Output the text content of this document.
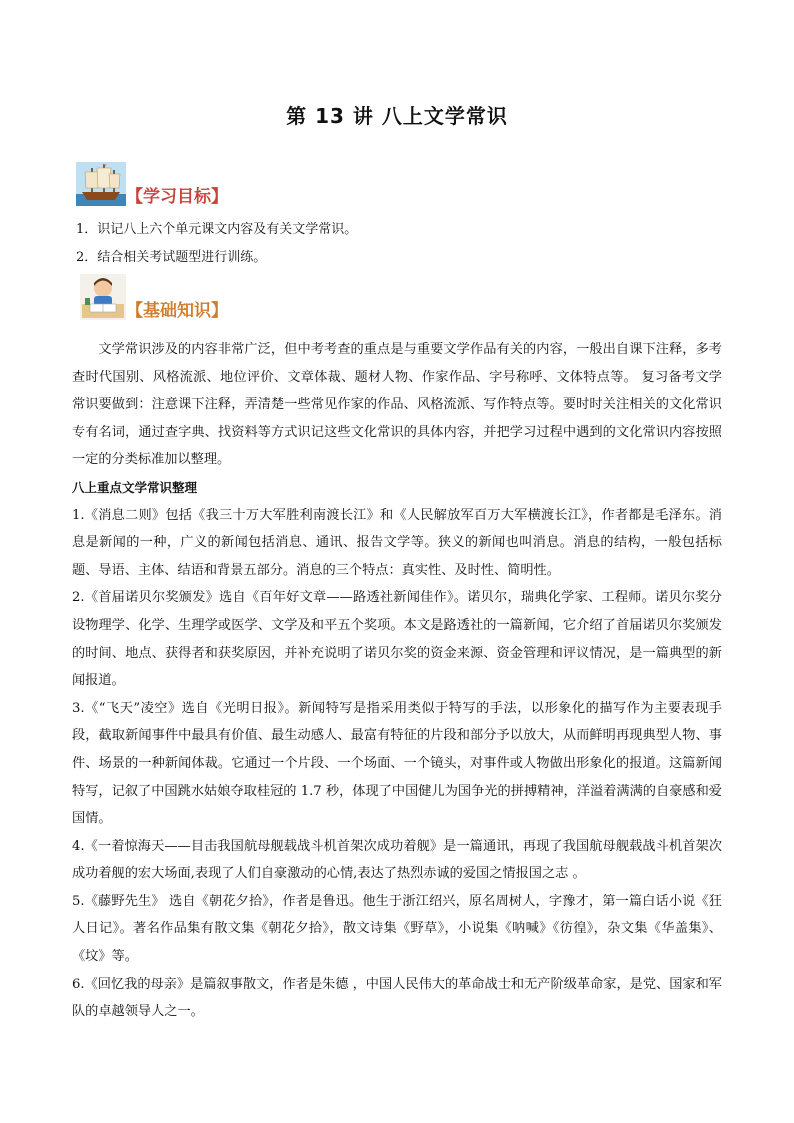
第 13 讲 八上文学常识
【学习目标】

1．识记八上六个单元课文内容及有关文学常识。

2．结合相关考试题型进行训练。

【基础知识】

文学常识涉及的内容非常广泛，但中考考查的重点是与重要文学作品有关的内容，一般出自课下注释，多考查时代国别、风格流派、地位评价、文章体裁、题材人物、作家作品、字号称呼、文体特点等。 复习备考文学常识要做到：注意课下注释，弄清楚一些常见作家的作品、风格流派、写作特点等。要时时关注相关的文化常识专有名词，通过查字典、找资料等方式识记这些文化常识的具体内容，并把学习过程中遇到的文化常识内容按照一定的分类标准加以整理。

八上重点文学常识整理

1.《消息二则》包括《我三十万大军胜利南渡长江》和《人民解放军百万大军横渡长江》，作者都是毛泽东。消息是新闻的一种，广义的新闻包括消息、通讯、报告文学等。狭义的新闻也叫消息。消息的结构，一般包括标题、导语、主体、结语和背景五部分。消息的三个特点：真实性、及时性、简明性。

2.《首届诺贝尔奖颁发》选自《百年好文章——路透社新闻佳作》。诺贝尔，瑞典化学家、工程师。诺贝尔奖分设物理学、化学、生理学或医学、文学及和平五个奖项。本文是路透社的一篇新闻，它介绍了首届诺贝尔奖颁发的时间、地点、获得者和获奖原因，并补充说明了诺贝尔奖的资金来源、资金管理和评议情况，是一篇典型的新闻报道。

3.《“飞天”凌空》选自《光明日报》。新闻特写是指采用类似于特写的手法，以形象化的描写作为主要表现手段，截取新闻事件中最具有价值、最生动感人、最富有特征的片段和部分予以放大，从而鲜明再现典型人物、事件、场景的一种新闻体裁。它通过一个片段、一个场面、一个镜头，对事件或人物做出形象化的报道。这篇新闻特写，记叙了中国跳水姑娘夺取桂冠的 1.7 秒，体现了中国健儿为国争光的拼搏精神，洋溢着满满的自豪感和爱国情。

4.《一着惊海天——目击我国航母舰载战斗机首架次成功着舰》是一篇通讯，再现了我国航母舰载战斗机首架次成功着舰的宏大场面,表现了人们自豪激动的心情,表达了热烈赤诚的爱国之情报国之志 。

5.《藤野先生》 选自《朝花夕拾》，作者是鲁迅。他生于浙江绍兴，原名周树人，字豫才，第一篇白话小说《狂人日记》。著名作品集有散文集《朝花夕拾》，散文诗集《野草》，小说集《呐喊》《彷徨》，杂文集《华盖集》、《坟》等。

6.《回忆我的母亲》是篇叙事散文，作者是朱德 ，中国人民伟大的革命战士和无产阶级革命家，是党、国家和军队的卓越领导人之一。
